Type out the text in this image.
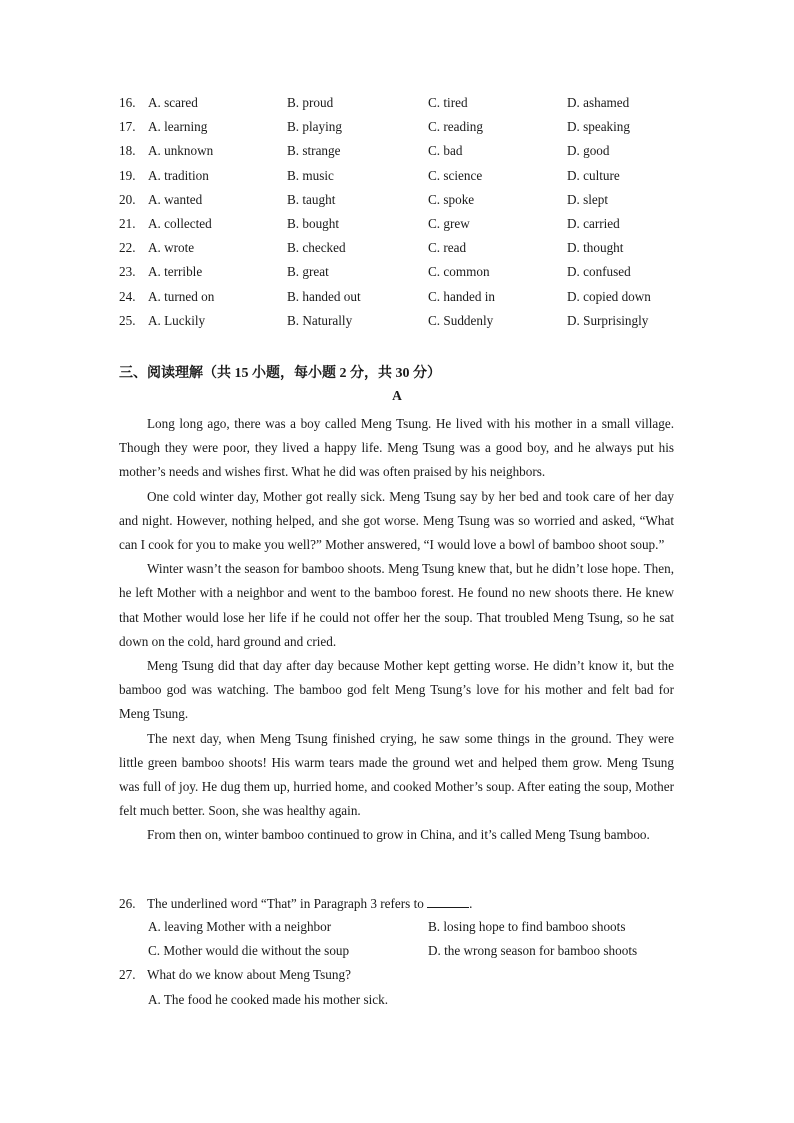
16. A. scared	B. proud	C. tired	D. ashamed
17. A. learning	B. playing	C. reading	D. speaking
18. A. unknown	B. strange	C. bad	D. good
19. A. tradition	B. music	C. science	D. culture
20. A. wanted	B. taught	C. spoke	D. slept
21. A. collected	B. bought	C. grew	D. carried
22. A. wrote	B. checked	C. read	D. thought
23. A. terrible	B. great	C. common	D. confused
24. A. turned on	B. handed out	C. handed in	D. copied down
25. A. Luckily	B. Naturally	C. Suddenly	D. Surprisingly
三、阅读理解（共 15 小题，每小题 2 分，共 30 分）
A

Long long ago, there was a boy called Meng Tsung. He lived with his mother in a small village. Though they were poor, they lived a happy life. Meng Tsung was a good boy, and he always put his mother’s needs and wishes first. What he did was often praised by his neighbors.

One cold winter day, Mother got really sick. Meng Tsung say by her bed and took care of her day and night. However, nothing helped, and she got worse. Meng Tsung was so worried and asked, “What can I cook for you to make you well?” Mother answered, “I would love a bowl of bamboo shoot soup.”

Winter wasn’t the season for bamboo shoots. Meng Tsung knew that, but he didn’t lose hope. Then, he left Mother with a neighbor and went to the bamboo forest. He found no new shoots there. He knew that Mother would lose her life if he could not offer her the soup. That troubled Meng Tsung, so he sat down on the cold, hard ground and cried.

Meng Tsung did that day after day because Mother kept getting worse. He didn’t know it, but the bamboo god was watching. The bamboo god felt Meng Tsung’s love for his mother and felt bad for Meng Tsung.

The next day, when Meng Tsung finished crying, he saw some things in the ground. They were little green bamboo shoots! His warm tears made the ground wet and helped them grow. Meng Tsung was full of joy. He dug them up, hurried home, and cooked Mother’s soup. After eating the soup, Mother felt much better. Soon, she was healthy again.

From then on, winter bamboo continued to grow in China, and it’s called Meng Tsung bamboo.

26. The underlined word “That” in Paragraph 3 refers to	.
A. leaving Mother with a neighbor	B. losing hope to find bamboo shoots
C. Mother would die without the soup	D. the wrong season for bamboo shoots
27. What do we know about Meng Tsung?
A. The food he cooked made his mother sick.
